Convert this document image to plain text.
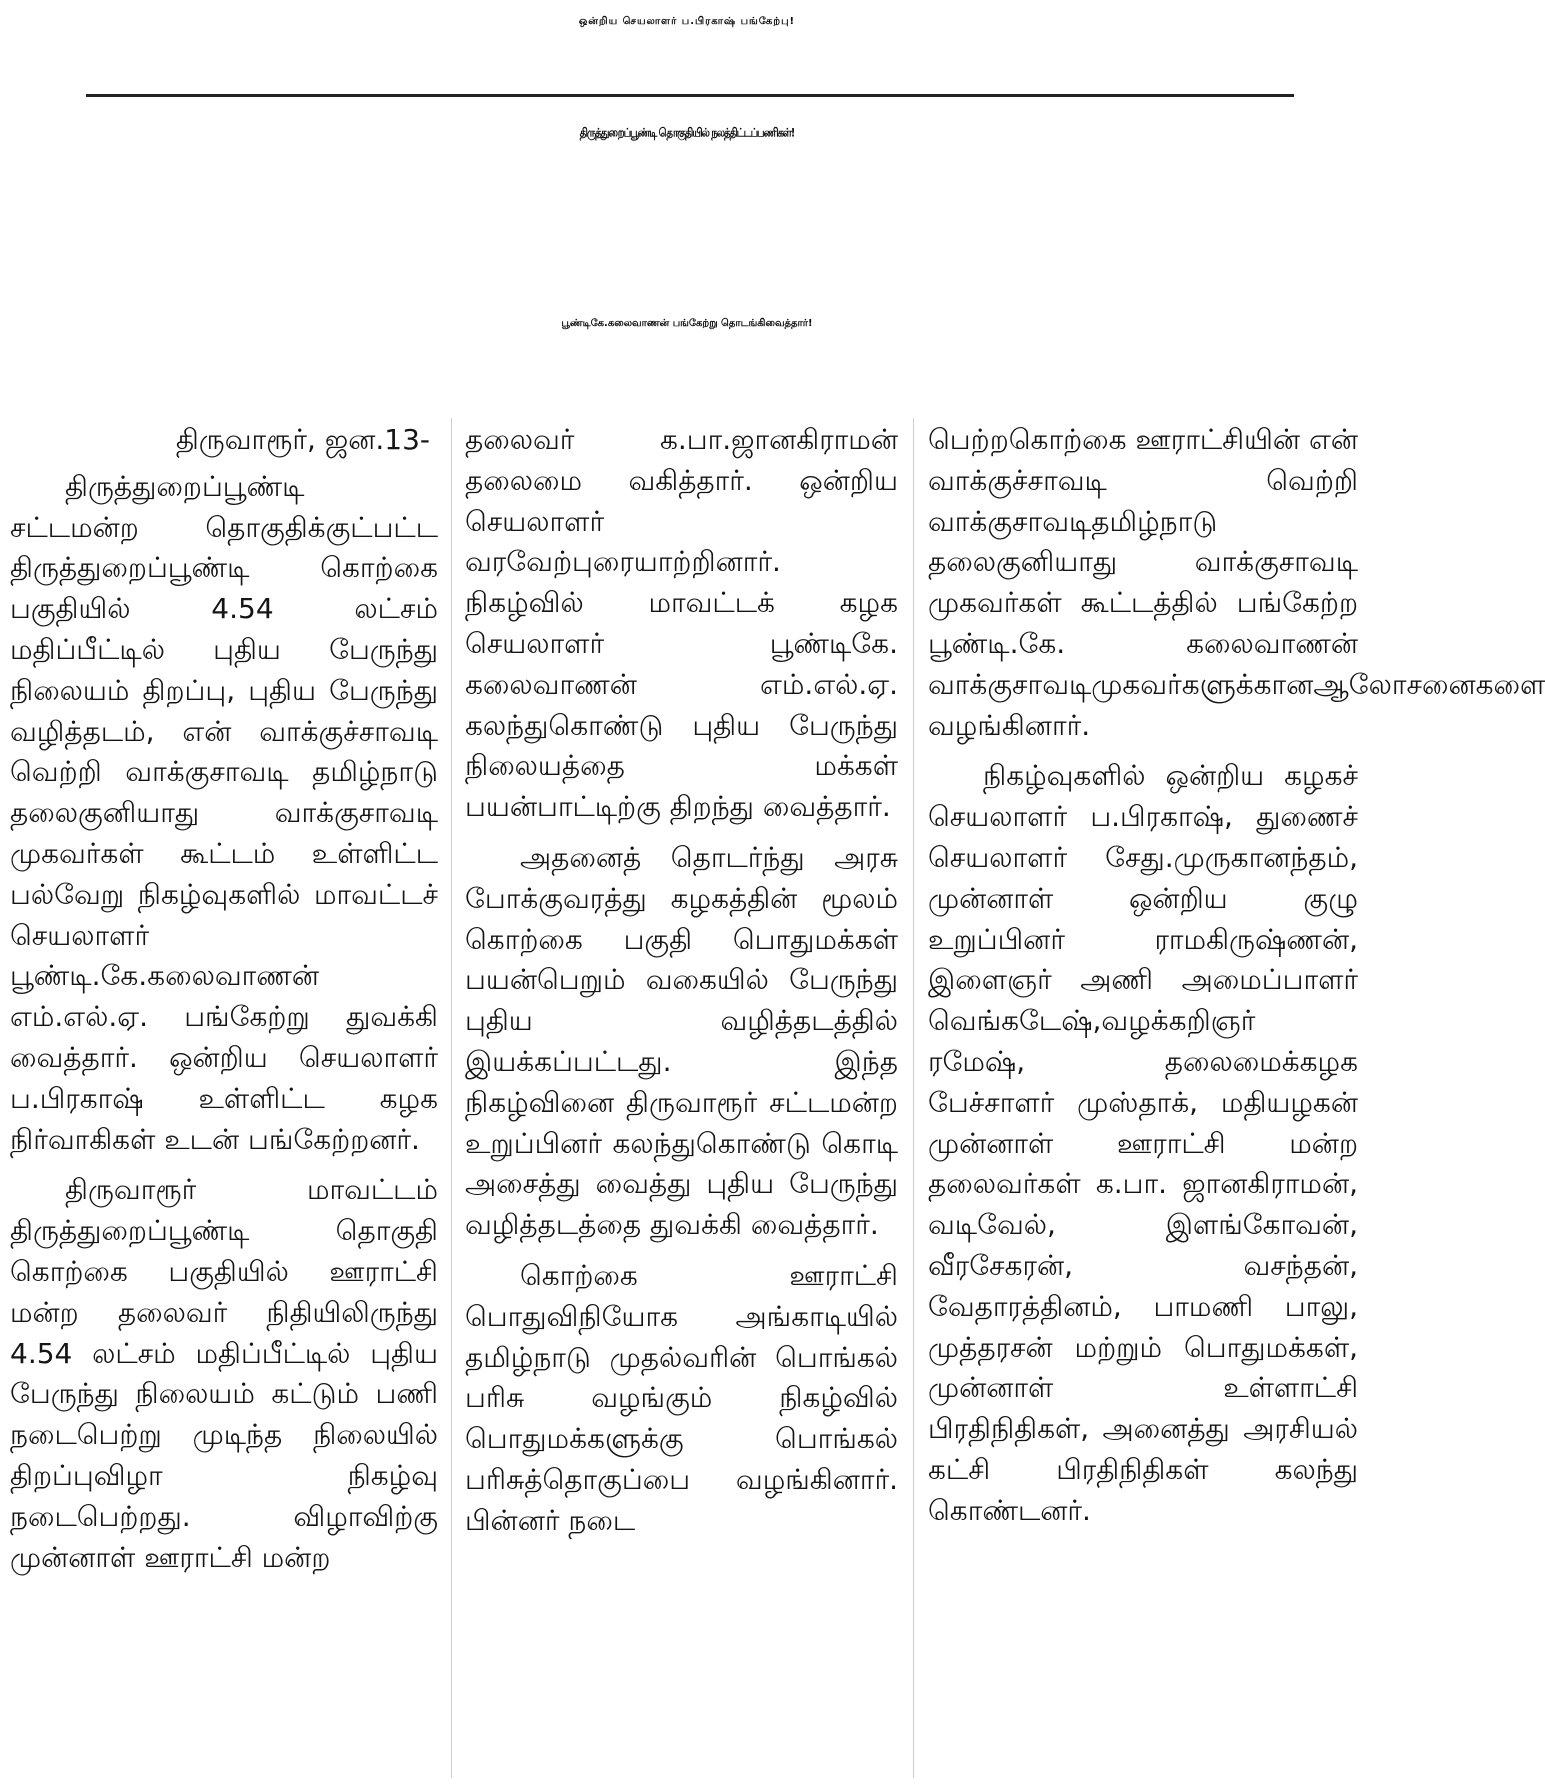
ஒன்றிய செயலாளர் ப.பிரகாஷ் பங்கேற்பு!
திருத்துறைப்பூண்டி தொகுதியில் நலத்திட்டப்பணிகள்!
பூண்டிகே.கலைவாணன் பங்கேற்று தொடங்கிவைத்தார்!

திருவாரூர், ஜன.13-

திருத்துறைப்பூண்டி சட்டமன்ற தொகுதிக்குட்பட்ட திருத்துறைப்பூண்டி கொற்கை பகுதியில் 4.54 லட்சம் மதிப்பீட்டில் புதிய பேருந்து நிலையம் திறப்பு, புதிய பேருந்து வழித்தடம், என் வாக்குச்சாவடி வெற்றி வாக்குசாவடி தமிழ்நாடு தலைகுனியாது வாக்குசாவடி முகவர்கள் கூட்டம் உள்ளிட்ட பல்வேறு நிகழ்வுகளில் மாவட்டச் செயலாளர் பூண்டி.கே.கலைவாணன் எம்.எல்.ஏ. பங்கேற்று துவக்கி வைத்தார். ஒன்றிய செயலாளர் ப.பிரகாஷ் உள்ளிட்ட கழக நிர்வாகிகள் உடன் பங்கேற்றனர்.

திருவாரூர் மாவட்டம் திருத்துறைப்பூண்டி தொகுதி கொற்கை பகுதியில் ஊராட்சி மன்ற தலைவர் நிதியிலிருந்து 4.54 லட்சம் மதிப்பீட்டில் புதிய பேருந்து நிலையம் கட்டும் பணி நடைபெற்று முடிந்த நிலையில் திறப்புவிழா நிகழ்வு நடைபெற்றது. விழாவிற்கு முன்னாள் ஊராட்சி மன்ற

தலைவர் க.பா.ஜானகிராமன் தலைமை வகித்தார். ஒன்றிய செயலாளர் வரவேற்புரையாற்றினார். நிகழ்வில் மாவட்டக் கழக செயலாளர் பூண்டிகே. கலைவாணன் எம்.எல்.ஏ. கலந்துகொண்டு புதிய பேருந்து நிலையத்தை மக்கள் பயன்பாட்டிற்கு திறந்து வைத்தார்.

அதனைத் தொடர்ந்து அரசு போக்குவரத்து கழகத்தின் மூலம் கொற்கை பகுதி பொதுமக்கள் பயன்பெறும் வகையில் பேருந்து புதிய வழித்தடத்தில் இயக்கப்பட்டது. இந்த நிகழ்வினை திருவாரூர் சட்டமன்ற உறுப்பினர் கலந்துகொண்டு கொடி அசைத்து வைத்து புதிய பேருந்து வழித்தடத்தை துவக்கி வைத்தார்.

கொற்கை ஊராட்சி பொதுவிநியோக அங்காடியில் தமிழ்நாடு முதல்வரின் பொங்கல் பரிசு வழங்கும் நிகழ்வில் பொதுமக்களுக்கு பொங்கல் பரிசுத்தொகுப்பை வழங்கினார். பின்னர் நடை

பெற்றகொற்கை ஊராட்சியின் என் வாக்குச்சாவடி வெற்றி வாக்குசாவடிதமிழ்நாடு தலைகுனியாது வாக்குசாவடி முகவர்கள் கூட்டத்தில் பங்கேற்ற பூண்டி.கே. கலைவாணன் வாக்குசாவடிமுகவர்களுக்கானஆலோசனைகளை வழங்கினார்.

நிகழ்வுகளில் ஒன்றிய கழகச் செயலாளர் ப.பிரகாஷ், துணைச் செயலாளர் சேது.முருகானந்தம், முன்னாள் ஒன்றிய குழு உறுப்பினர் ராமகிருஷ்ணன், இளைஞர் அணி அமைப்பாளர் வெங்கடேஷ்,வழக்கறிஞர் ரமேஷ், தலைமைக்கழக பேச்சாளர் முஸ்தாக், மதியழகன் முன்னாள் ஊராட்சி மன்ற தலைவர்கள் க.பா. ஜானகிராமன், வடிவேல், இளங்கோவன், வீரசேகரன், வசந்தன், வேதாரத்தினம், பாமணி பாலு, முத்தரசன் மற்றும் பொதுமக்கள், முன்னாள் உள்ளாட்சி பிரதிநிதிகள், அனைத்து அரசியல் கட்சி பிரதிநிதிகள் கலந்து கொண்டனர்.
